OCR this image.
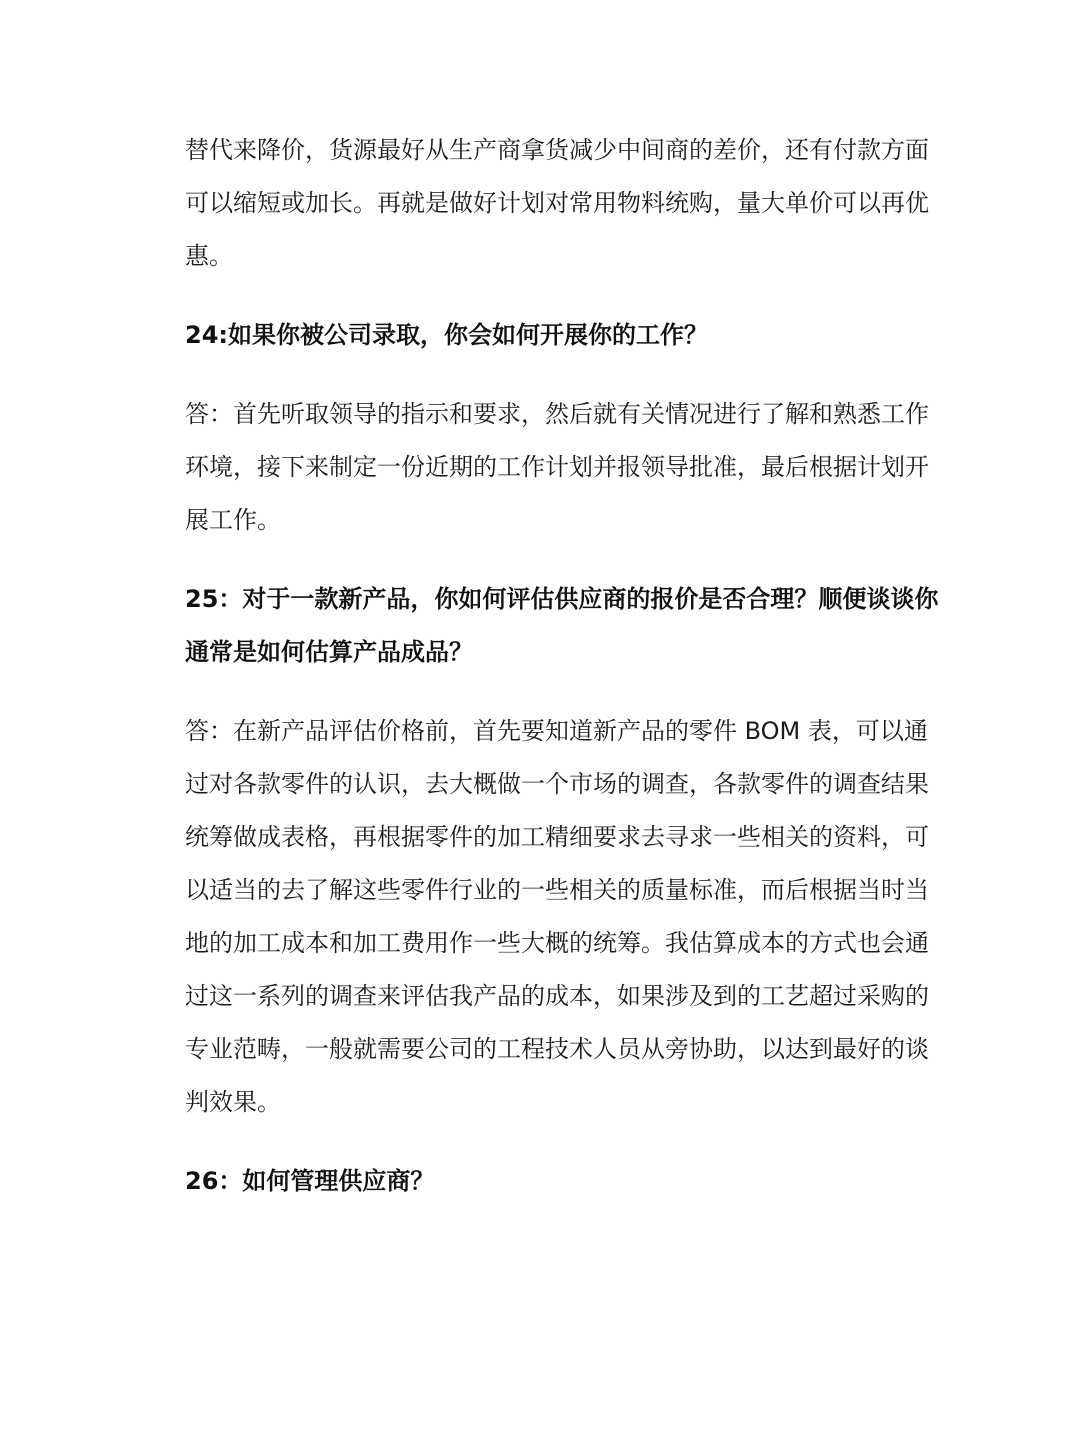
替代来降价，货源最好从生产商拿货减少中间商的差价，还有付款方面
可以缩短或加长。再就是做好计划对常用物料统购，量大单价可以再优
惠。
24:如果你被公司录取，你会如何开展你的工作？
答：首先听取领导的指示和要求，然后就有关情况进行了解和熟悉工作
环境，接下来制定一份近期的工作计划并报领导批准，最后根据计划开
展工作。
25：对于一款新产品，你如何评估供应商的报价是否合理？顺便谈谈你
通常是如何估算产品成品？
答：在新产品评估价格前，首先要知道新产品的零件 BOM 表，可以通
过对各款零件的认识，去大概做一个市场的调查，各款零件的调查结果
统筹做成表格，再根据零件的加工精细要求去寻求一些相关的资料，可
以适当的去了解这些零件行业的一些相关的质量标准，而后根据当时当
地的加工成本和加工费用作一些大概的统筹。我估算成本的方式也会通
过这一系列的调查来评估我产品的成本，如果涉及到的工艺超过采购的
专业范畴，一般就需要公司的工程技术人员从旁协助，以达到最好的谈
判效果。
26：如何管理供应商？
